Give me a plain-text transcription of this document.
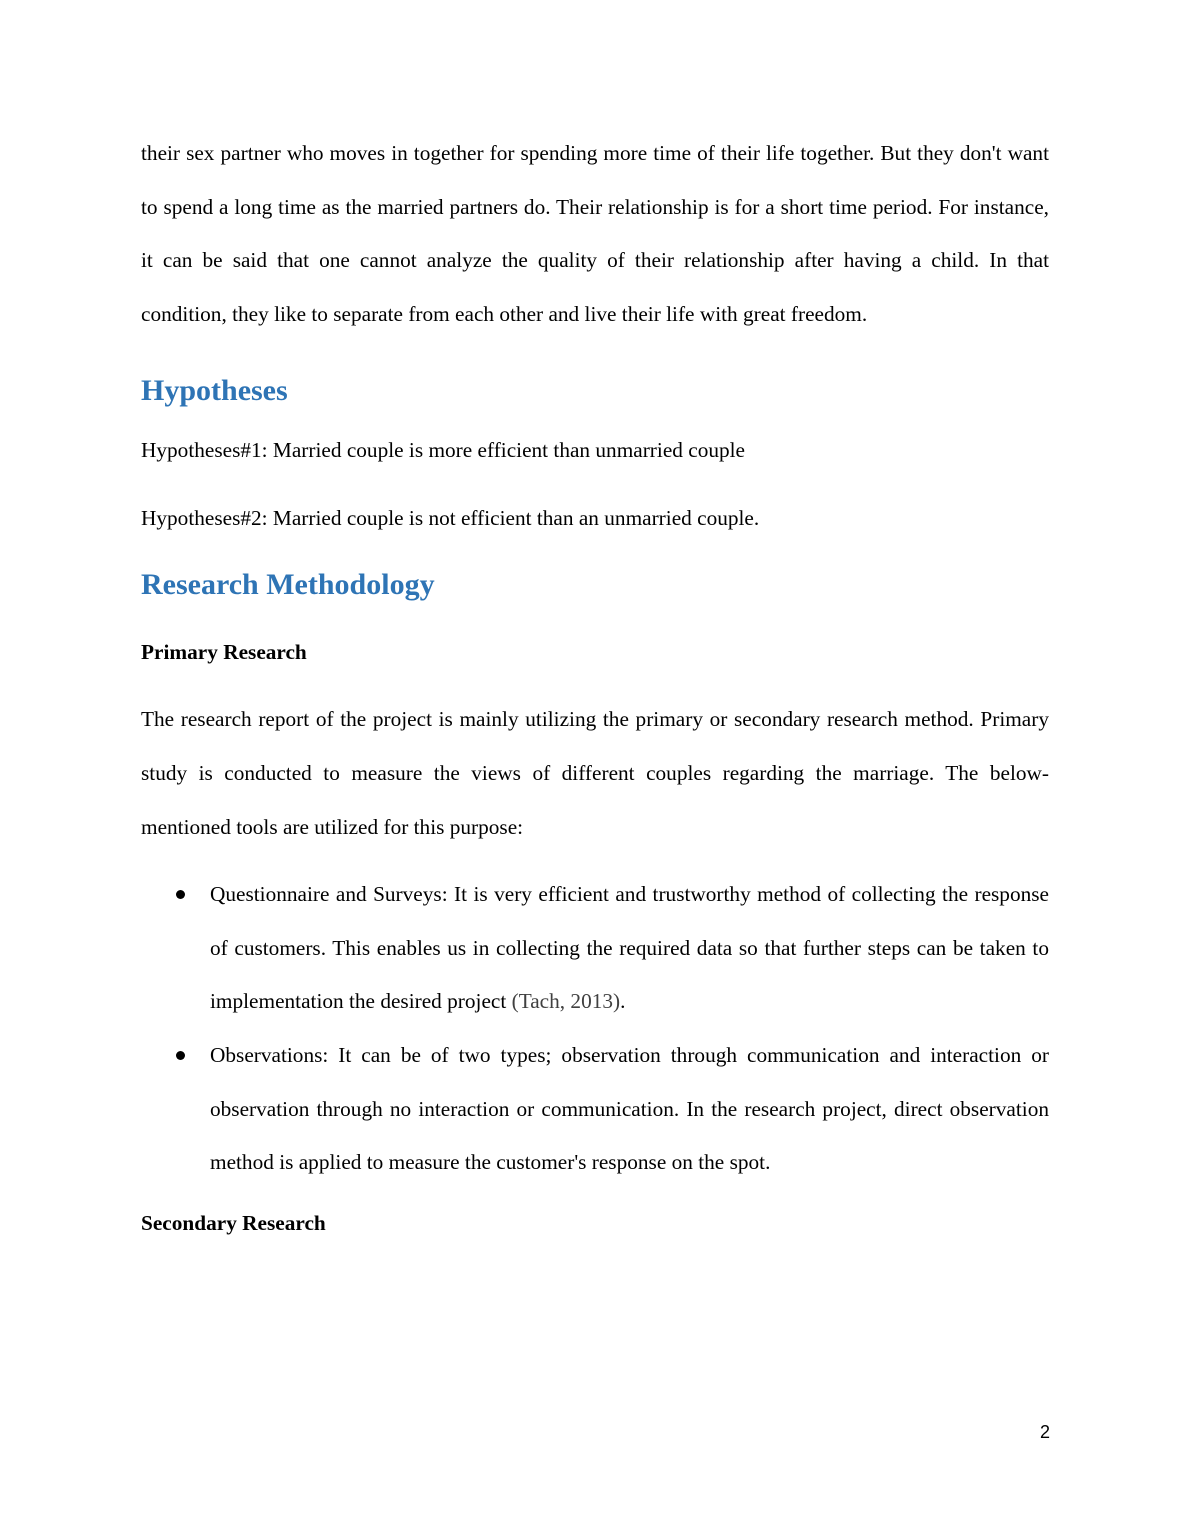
their sex partner who moves in together for spending more time of their life together. But they don't want to spend a long time as the married partners do. Their relationship is for a short time period. For instance, it can be said that one cannot analyze the quality of their relationship after having a child. In that condition, they like to separate from each other and live their life with great freedom.

Hypotheses

Hypotheses#1: Married couple is more efficient than unmarried couple

Hypotheses#2: Married couple is not efficient than an unmarried couple.

Research Methodology
Primary Research

The research report of the project is mainly utilizing the primary or secondary research method. Primary study is conducted to measure the views of different couples regarding the marriage. The below-mentioned tools are utilized for this purpose:

Questionnaire and Surveys: It is very efficient and trustworthy method of collecting the response of customers. This enables us in collecting the required data so that further steps can be taken to implementation the desired project (Tach, 2013).

Observations: It can be of two types; observation through communication and interaction or observation through no interaction or communication. In the research project, direct observation method is applied to measure the customer's response on the spot.

Secondary Research
2
